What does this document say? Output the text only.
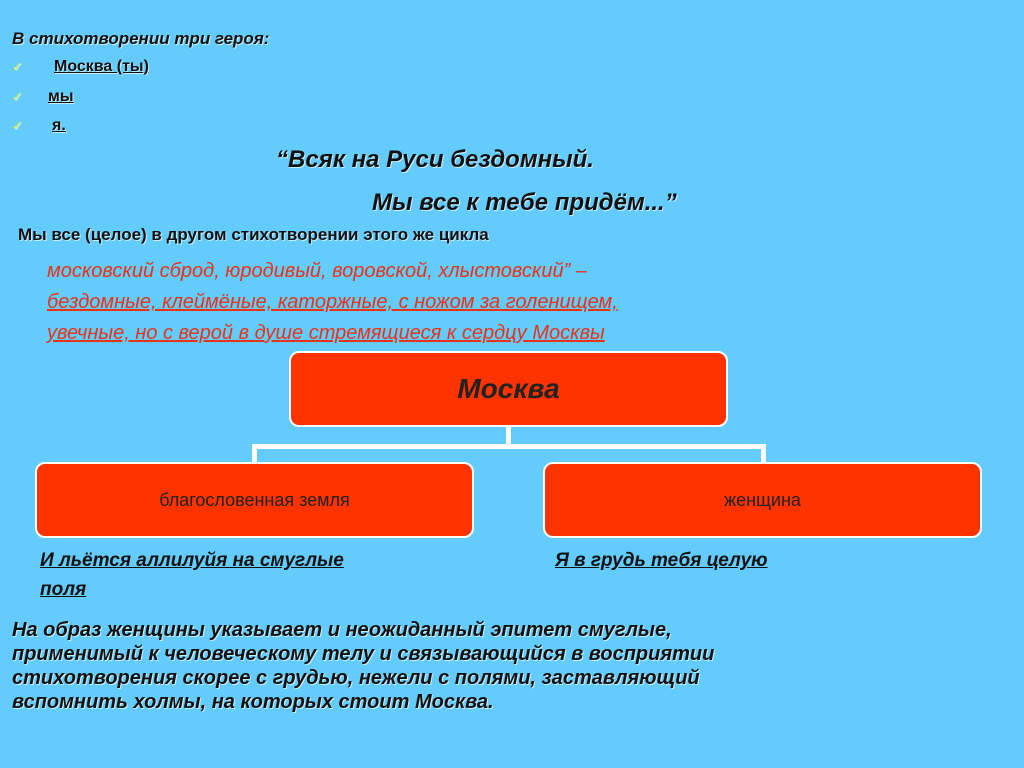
В стихотворении три героя:
✓	Москва (ты)
✓	мы
✓	я.
“Всяк на Руси бездомный.
Мы все к тебе придём...”
Мы все (целое) в другом стихотворении этого же цикла
московский сброд, юродивый, воровской, хлыстовский” –
бездомные, клеймёные, каторжные, с ножом за голенищем,
увечные, но с верой в душе стремящиеся к сердцу Москвы
Москва
благословенная земля	женщина
И льётся аллилуйя на смуглые
поля
Я в грудь тебя целую
На образ женщины указывает и неожиданный эпитет смуглые,
применимый к человеческому телу и связывающийся в восприятии
стихотворения скорее с грудью, нежели с полями, заставляющий
вспомнить холмы, на которых стоит Москва.
